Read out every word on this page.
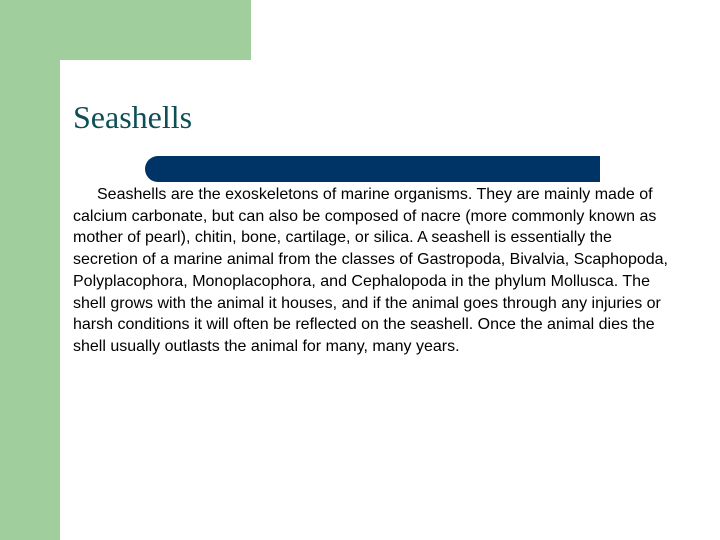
Seashells

Seashells are the exoskeletons of marine organisms. They are mainly made of calcium carbonate, but can also be composed of nacre (more commonly known as mother of pearl), chitin, bone, cartilage, or silica. A seashell is essentially the secretion of a marine animal from the classes of Gastropoda, Bivalvia, Scaphopoda, Polyplacophora, Monoplacophora, and Cephalopoda in the phylum Mollusca. The shell grows with the animal it houses, and if the animal goes through any injuries or harsh conditions it will often be reflected on the seashell. Once the animal dies the shell usually outlasts the animal for many, many years.
